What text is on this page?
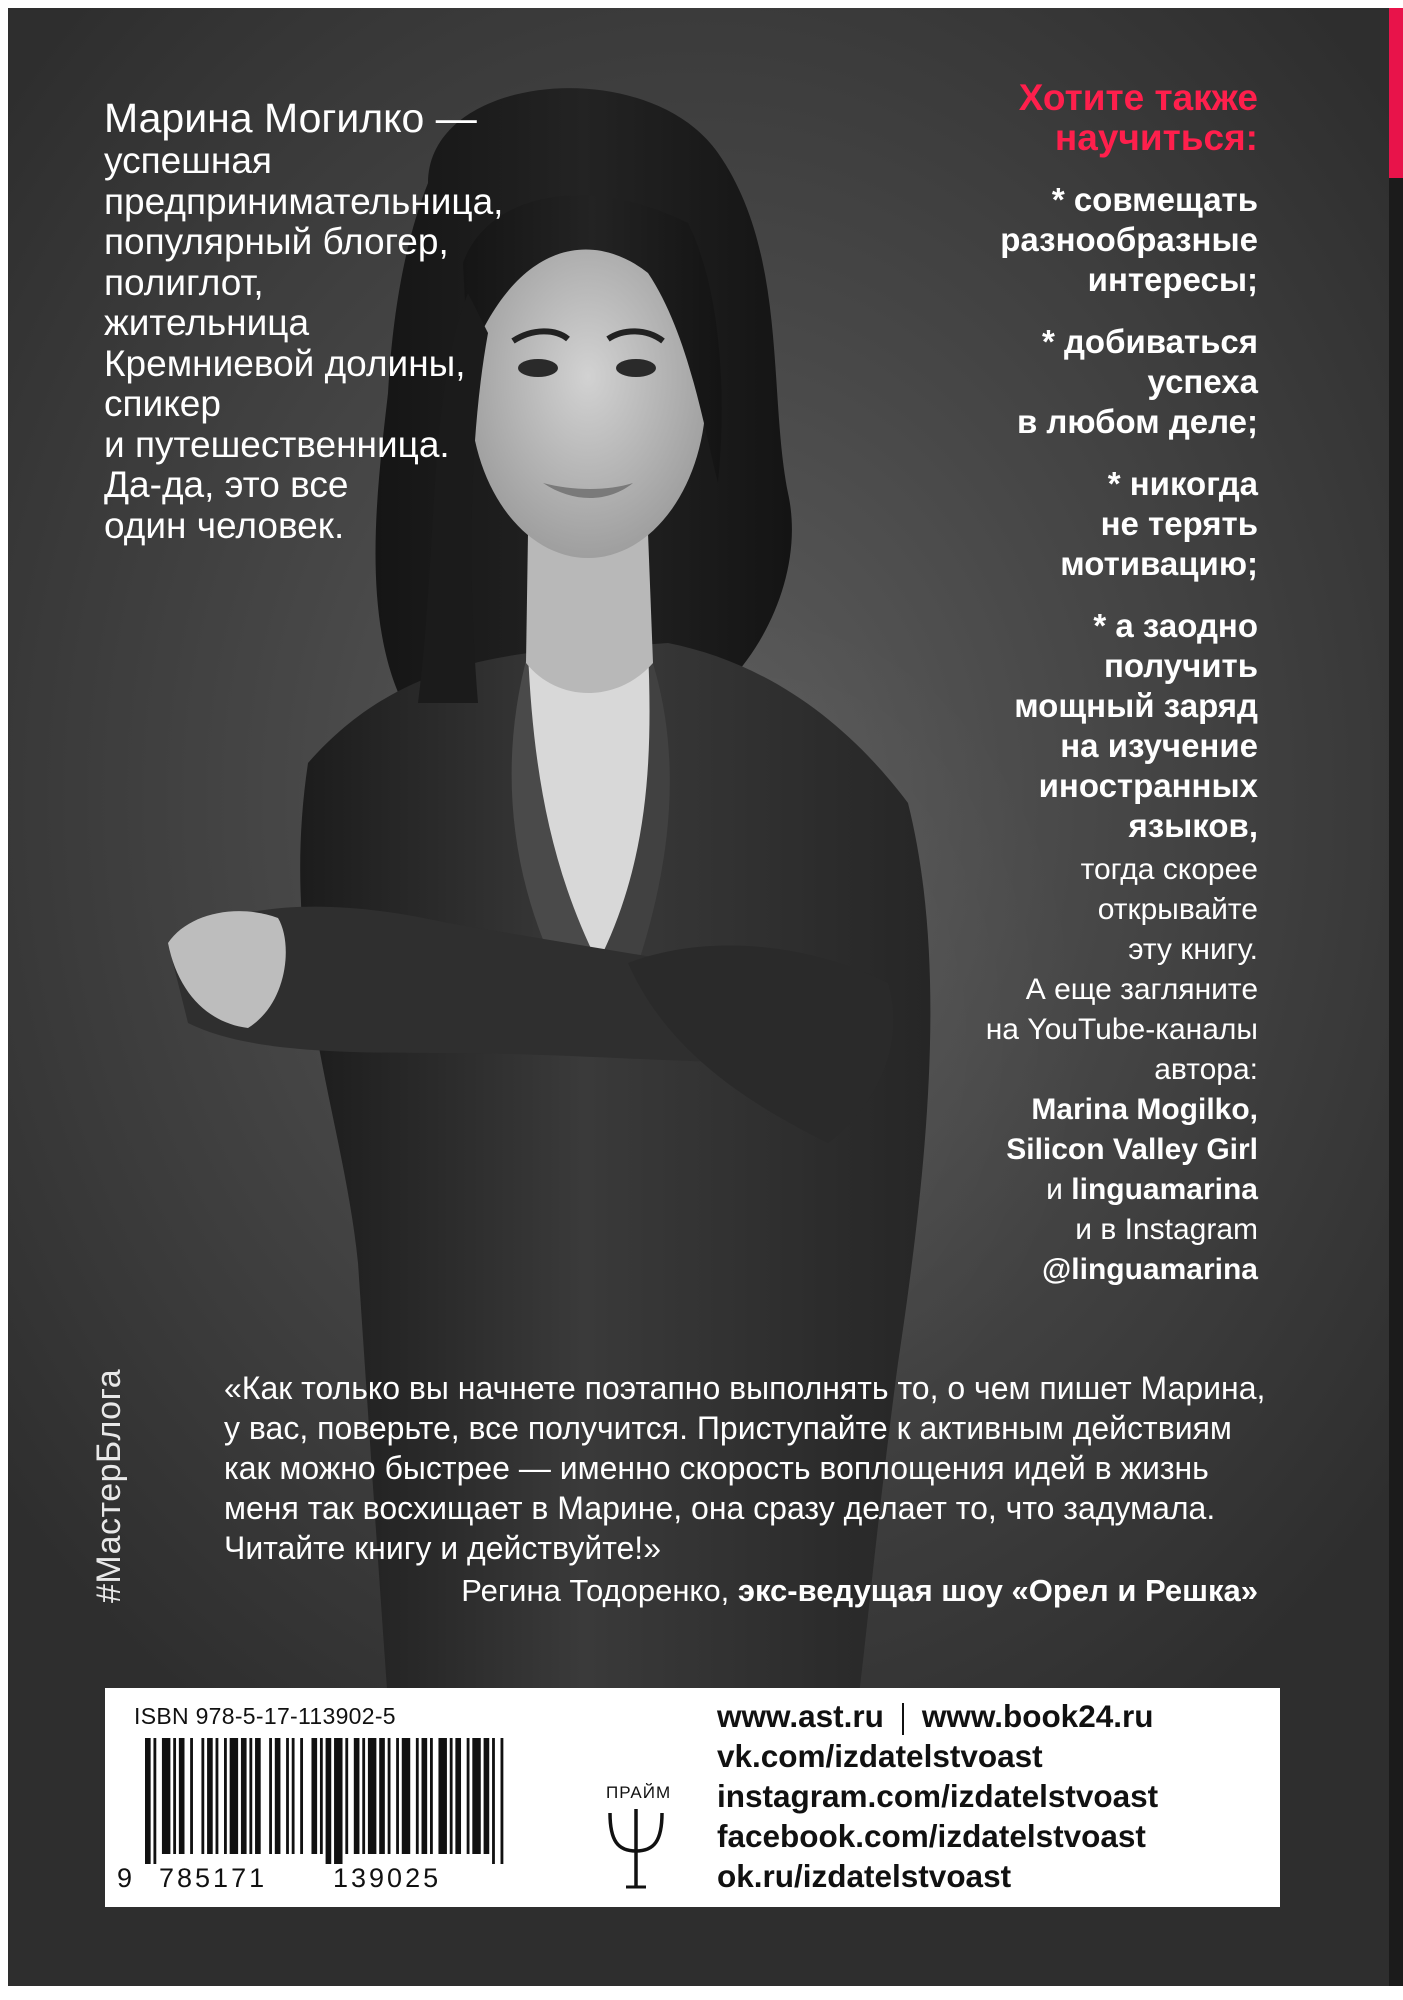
Марина Могилко —
успешная
предпринимательница,
популярный блогер,
полиглот,
жительница
Кремниевой долины,
спикер
и путешественница.
Да-да, это все
один человек.
Хотите также
научиться:
* совмещать
разнообразные
интересы;
* добиваться
успеха
в любом деле;
* никогда
не терять
мотивацию;
* а заодно
получить
мощный заряд
на изучение
иностранных
языков,
тогда скорее
открывайте
эту книгу.
А еще загляните
на YouTube-каналы
автора:
Marina Mogilko,
Silicon Valley Girl
и linguamarina
и в Instagram
@linguamarina
#МастерБлога	«Как только вы начнете поэтапно выполнять то, о чем пишет Марина,
у вас, поверьте, все получится. Приступайте к активным действиям
как можно быстрее — именно скорость воплощения идей в жизнь
меня так восхищает в Марине, она сразу делает то, что задумала.
Читайте книгу и действуйте!»
Регина Тодоренко, экс-ведущая шоу «Орел и Решка»
ISBN 978-5-17-113902-5
9 785171 139025
ПРАЙМ
www.ast.ru www.book24.ru
vk.com/izdatelstvoast
instagram.com/izdatelstvoast
facebook.com/izdatelstvoast
ok.ru/izdatelstvoast
